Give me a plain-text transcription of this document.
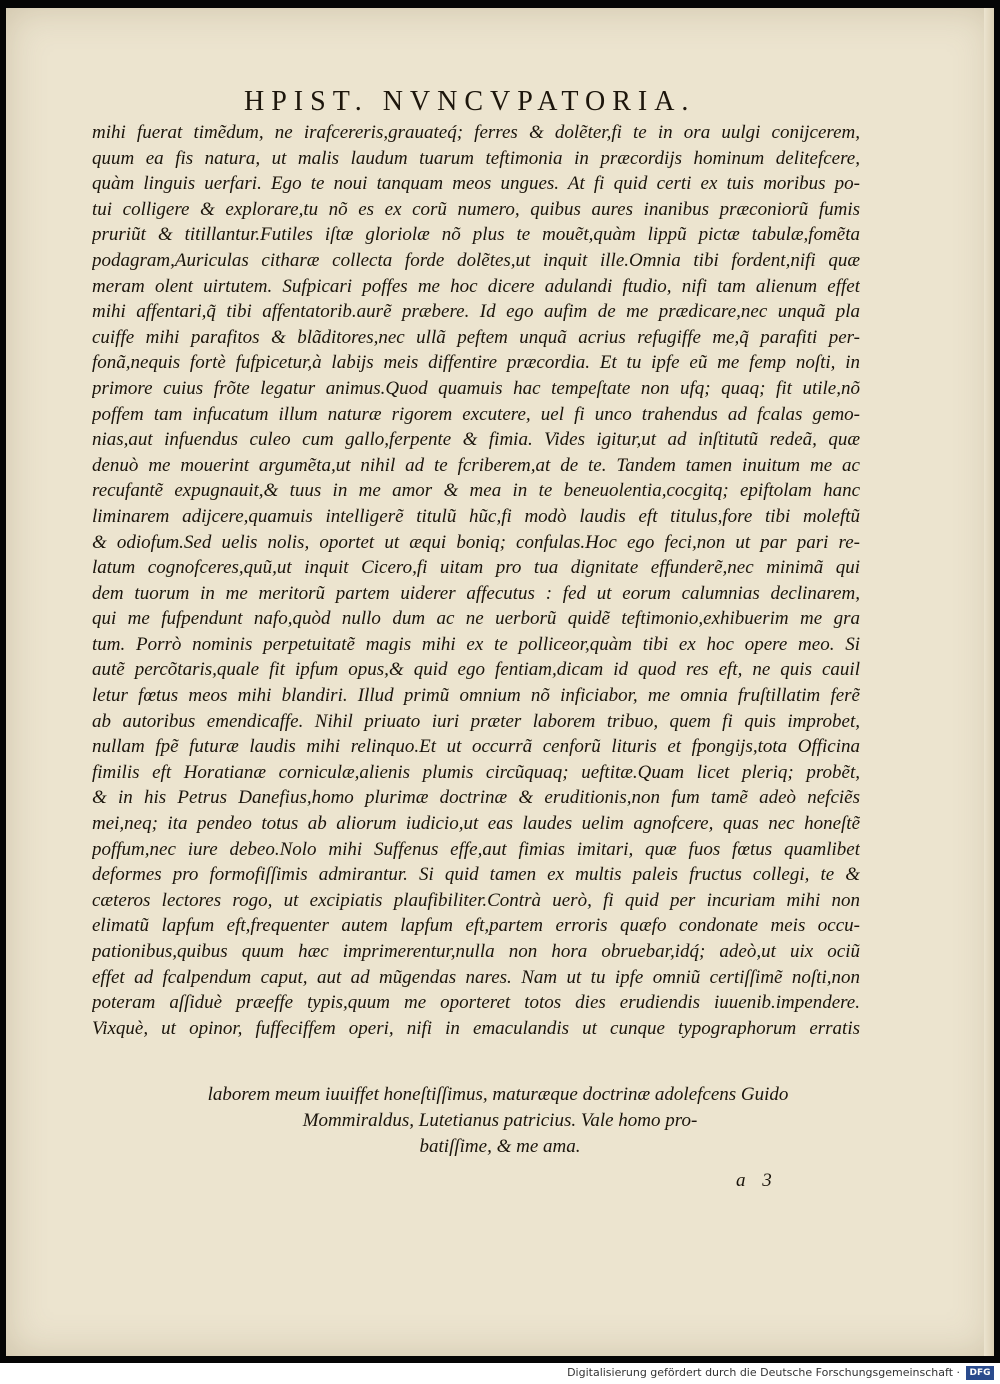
HPIST. NVNCVPATORIA.
mihi fuerat timẽdum, ne irafcereris,grauateq́; ferres & dolẽter,fi te in ora uulgi conijcerem,
quum ea fis natura, ut malis laudum tuarum teftimonia in præcordijs hominum delitefcere,
quàm linguis uerfari. Ego te noui tanquam meos ungues. At fi quid certi ex tuis moribus po-
tui colligere & explorare,tu nõ es ex corũ numero, quibus aures inanibus præconiorũ fumis
pruriũt & titillantur.Futiles iſtæ gloriolæ nõ plus te mouẽt,quàm lippũ pictæ tabulæ,fomẽta
podagram,Auriculas citharæ collecta forde dolẽtes,ut inquit ille.Omnia tibi fordent,nifi quæ
meram olent uirtutem. Sufpicari poffes me hoc dicere adulandi ftudio, nifi tam alienum effet
mihi affentari,q̃ tibi affentatorib.aurẽ præbere. Id ego aufim de me prædicare,nec unquã pla
cuiffe mihi parafitos & blãditores,nec ullã peftem unquã acrius refugiffe me,q̃ parafiti per-
fonã,nequis fortè fufpicetur,à labijs meis diffentire præcordia. Et tu ipfe eũ me femp noſti, in
primore cuius frõte legatur animus.Quod quamuis hac tempeſtate non ufq; quaq; fit utile,nõ
poffem tam infucatum illum naturæ rigorem excutere, uel fi unco trahendus ad fcalas gemo-
nias,aut infuendus culeo cum gallo,ferpente & fimia. Vides igitur,ut ad inſtitutũ redeã, quæ
denuò me mouerint argumẽta,ut nihil ad te fcriberem,at de te. Tandem tamen inuitum me ac
recufantẽ expugnauit,& tuus in me amor & mea in te beneuolentia,cocgitq; epiftolam hanc
liminarem adijcere,quamuis intelligerẽ titulũ hũc,fi modò laudis eft titulus,fore tibi moleftũ
& odiofum.Sed uelis nolis, oportet ut æqui boniq; confulas.Hoc ego feci,non ut par pari re-
latum cognofceres,quũ,ut inquit Cicero,fi uitam pro tua dignitate effunderẽ,nec minimã qui
dem tuorum in me meritorũ partem uiderer affecutus : fed ut eorum calumnias declinarem,
qui me fufpendunt nafo,quòd nullo dum ac ne uerborũ quidẽ teftimonio,exhibuerim me gra
tum. Porrò nominis perpetuitatẽ magis mihi ex te polliceor,quàm tibi ex hoc opere meo. Si
autẽ percõtaris,quale fit ipfum opus,& quid ego fentiam,dicam id quod res eft, ne quis cauil
letur fœtus meos mihi blandiri. Illud primũ omnium nõ inficiabor, me omnia fruſtillatim ferẽ
ab autoribus emendicaffe. Nihil priuato iuri præter laborem tribuo, quem fi quis improbet,
nullam fpẽ futuræ laudis mihi relinquo.Et ut occurrã cenforũ lituris et fpongijs,tota Officina
fimilis eft Horatianæ corniculæ,alienis plumis circũquaq; ueftitæ.Quam licet pleriq; probẽt,
& in his Petrus Danefius,homo plurimæ doctrinæ & eruditionis,non fum tamẽ adeò nefciẽs
mei,neq; ita pendeo totus ab aliorum iudicio,ut eas laudes uelim agnofcere, quas nec honeſtẽ
poffum,nec iure debeo.Nolo mihi Suffenus effe,aut fimias imitari, quæ fuos fœtus quamlibet
deformes pro formofiſſimis admirantur. Si quid tamen ex multis paleis fructus collegi, te &
cæteros lectores rogo, ut excipiatis plaufibiliter.Contrà uerò, fi quid per incuriam mihi non
elimatũ lapfum eft,frequenter autem lapfum eft,partem erroris quæfo condonate meis occu-
pationibus,quibus quum hæc imprimerentur,nulla non hora obruebar,idq́; adeò,ut uix ociũ
effet ad fcalpendum caput, aut ad mũgendas nares. Nam ut tu ipfe omniũ certiſſimẽ noſti,non
poteram aſſiduè præeffe typis,quum me oporteret totos dies erudiendis iuuenib.impendere.
Vixquè, ut opinor, fuffeciffem operi, nifi in emaculandis ut cunque typographorum erratis
laborem meum iuuiffet honeſtiſſimus, maturæque doctrinæ adolefcens Guido
Mommiraldus, Lutetianus patricius. Vale homo pro-
batiſſime, & me ama.
a 3
Digitalisierung gefördert durch die Deutsche Forschungsgemeinschaft ·	DFG
